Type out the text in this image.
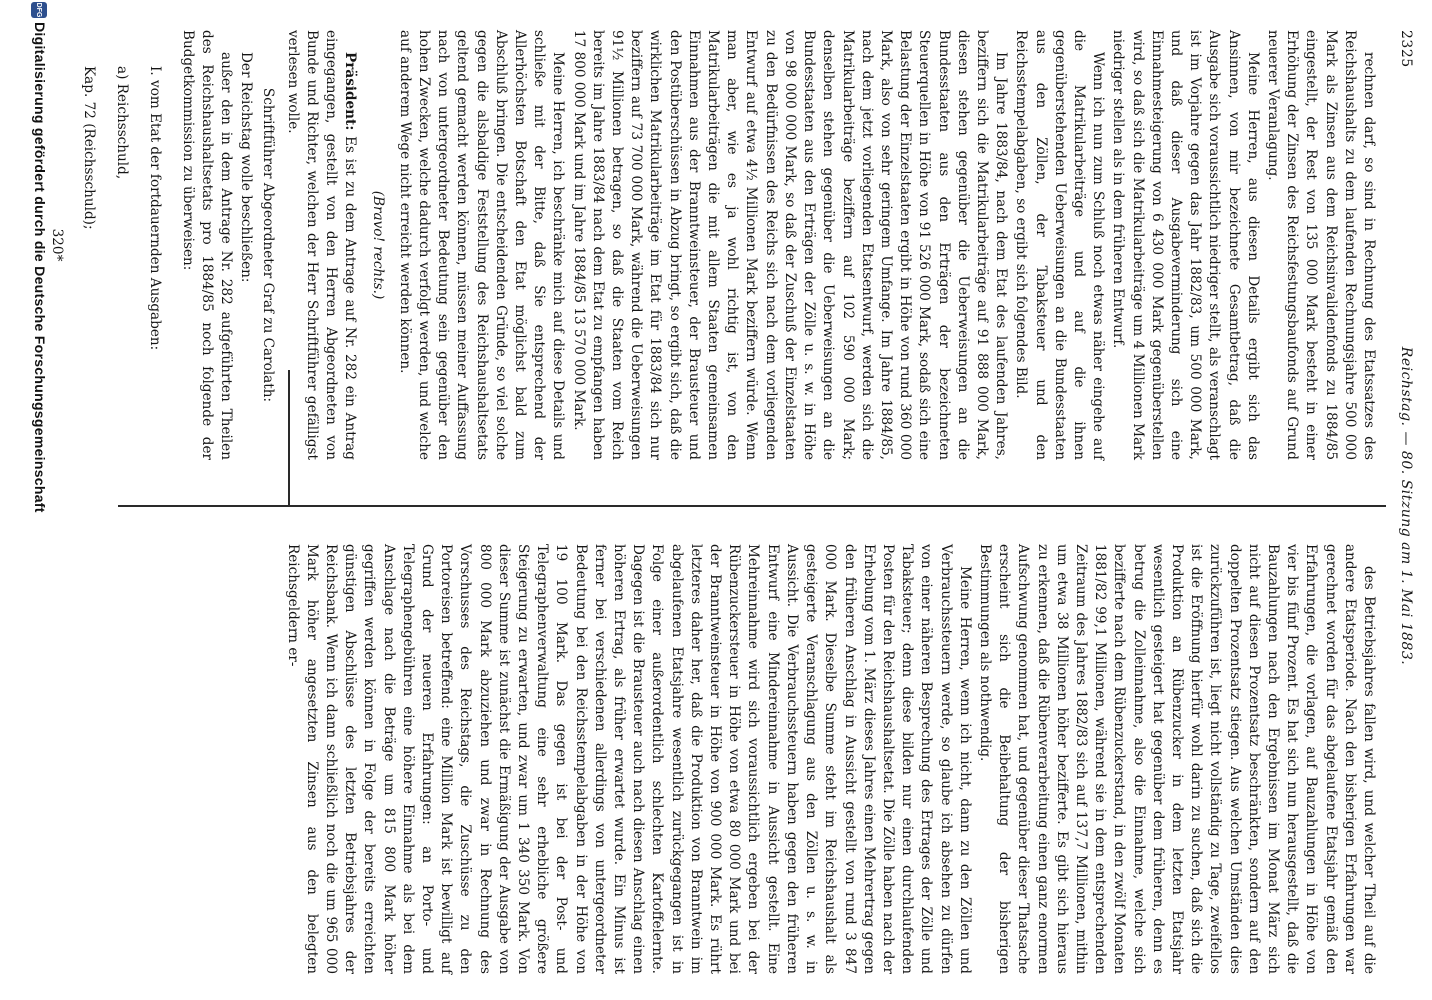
2325
Reichstag. — 80. Sitzung am 1. Mai 1883.

rechnen darf, so sind in Rechnung des Etatssatzes des Reichshaushalts zu dem laufenden Rechnungsjahre 500 000 Mark als Zinsen aus dem Reichsinvalidenfonds zu 1884/85 eingestellt, der Rest von 135 000 Mark besteht in einer Erhöhung der Zinsen des Reichsfestungsbaufonds auf Grund neuerer Veranlagung.

Meine Herren, aus diesen Details ergibt sich das Ansinnen, von mir bezeichnete Gesamtbetrag, daß die Ausgabe sich voraussichtlich niedriger stellt, als veranschlagt ist im Vorjahre gegen das Jahr 1882/83, um 500 000 Mark, und daß dieser Ausgabeverminderung sich eine Einnahmesteigerung von 6 430 000 Mark gegenüberstellen wird, so daß sich die Matrikularbeiträge um 4 Millionen Mark niedriger stellen als in dem früheren Entwurf.

Wenn ich nun zum Schluß noch etwas näher eingehe auf die Matrikularbeiträge und auf die ihnen gegenüberstehenden Ueberweisungen an die Bundesstaaten aus den Zöllen, der Tabaksteuer und den Reichsstempelabgaben, so ergibt sich folgendes Bild.

Im Jahre 1883/84, nach dem Etat des laufenden Jahres, beziffern sich die Matrikularbeiträge auf 91 888 000 Mark, diesen stehen gegenüber die Ueberweisungen an die Bundesstaaten aus den Erträgen der bezeichneten Steuerquellen in Höhe von 91 526 000 Mark, sodaß sich eine Belastung der Einzelstaaten ergibt in Höhe von rund 360 000 Mark, also von sehr geringem Umfange. Im Jahre 1884/85, nach dem jetzt vorliegenden Etatsentwurf, werden sich die Matrikularbeiträge beziffern auf 102 590 000 Mark; denselben stehen gegenüber die Ueberweisungen an die Bundesstaaten aus den Erträgen der Zölle u. s. w. in Höhe von 98 000 000 Mark, so daß der Zuschuß der Einzelstaaten zu den Bedürfnissen des Reichs sich nach dem vorliegenden Entwurf auf etwa 4½ Millionen Mark beziffern würde. Wenn man aber, wie es ja wohl richtig ist, von den Matrikularbeiträgen die mit allem Staaten gemeinsamen Einnahmen aus der Branntweinsteuer, der Brausteuer und den Postüberschüssen in Abzug bringt, so ergibt sich, daß die wirklichen Matrikularbeiträge im Etat für 1883/84 sich nur beziffern auf 73 700 000 Mark, während die Ueberweisungen 91½ Millionen betragen, so daß die Staaten vom Reich bereits im Jahre 1883/84 nach dem Etat zu empfangen haben 17 800 000 Mark und im Jahre 1884/85 13 570 000 Mark.

Meine Herren, ich beschränke mich auf diese Details und schließe mit der Bitte, daß Sie entsprechend der Allerhöchsten Botschaft den Etat möglichst bald zum Abschluß bringen. Die entscheidenden Gründe, so viel solche gegen die alsbaldige Feststellung des Reichshaushaltsetats geltend gemacht werden können, müssen meiner Auffassung nach von untergeordneter Bedeutung sein gegenüber den hohen Zwecken, welche dadurch verfolgt werden, und welche auf anderem Wege nicht erreicht werden können.

(Bravo! rechts.)

Präsident: Es ist zu dem Antrage auf Nr. 282 ein Antrag eingegangen, gestellt von den Herren Abgeordneten von Bunde und Richter, welchen der Herr Schriftführer gefälligst verlesen wolle.

Schriftführer Abgeordneter Graf zu Carolath:

Der Reichstag wolle beschließen:

außer den in dem Antrage Nr. 282 aufgeführten Theilen des Reichshaushaltsetats pro 1884/85 noch folgende der Budgetkommission zu überweisen:

I. vom Etat der fortdauernden Ausgaben:

a) Reichsschuld,

Kap. 72 (Reichsschuld);

320*

des Betriebsjahres fallen wird, und welcher Theil auf die andere Etatsperiode. Nach den bisherigen Erfahrungen war gerechnet worden für das abgelaufene Etatsjahr gemäß den Erfahrungen, die vorlagen, auf Bauzahlungen in Höhe von vier bis fünf Prozent. Es hat sich nun herausgestellt, daß die Bauzahlungen nach den Ergebnissen im Monat März sich nicht auf diesen Prozentsatz beschränkten, sondern auf den doppelten Prozentsatz stiegen. Aus welchen Umständen dies zurückzuführen ist, liegt nicht vollständig zu Tage, zweifellos ist die Eröffnung hierfür wohl darin zu suchen, daß sich die Produktion an Rübenzucker in dem letzten Etatsjahr wesentlich gesteigert hat gegenüber dem früheren, denn es betrug die Zolleinnahme, also die Einnahme, welche sich bezifferte nach dem Rübenzuckerstand, in den zwölf Monaten 1881/82 99,1 Millionen, während sie in dem entsprechenden Zeitraum des Jahres 1882/83 sich auf 137,7 Millionen, mithin um etwa 38 Millionen höher bezifferte. Es gibt sich hieraus zu erkennen, daß die Rübenverarbeitung einen ganz enormen Aufschwung genommen hat, und gegenüber dieser Thatsache erscheint sich die Beibehaltung der bisherigen Bestimmungen als nothwendig.

Meine Herren, wenn ich nicht, dann zu den Zöllen und Verbrauchssteuern werde, so glaube ich absehen zu dürfen von einer näheren Besprechung des Ertrages der Zölle und Tabaksteuer; denn diese bilden nur einen durchlaufenden Posten für den Reichshaushaltsetat. Die Zölle haben nach der Erhebung vom 1. März dieses Jahres einen Mehrertrag gegen den früheren Anschlag in Aussicht gestellt von rund 3 847 000 Mark. Dieselbe Summe steht im Reichshaushalt als gesteigerte Veranschlagung aus den Zöllen u. s. w. in Aussicht. Die Verbrauchssteuern haben gegen den früheren Entwurf eine Mindereinnahme in Aussicht gestellt. Eine Mehreinnahme wird sich voraussichtlich ergeben bei der Rübenzuckersteuer in Höhe von etwa 80 000 Mark und bei der Branntweinsteuer in Höhe von 900 000 Mark. Es rührt letzteres daher her, daß die Produktion von Branntwein im abgelaufenen Etatsjahre wesentlich zurückgegangen ist in Folge einer außerordentlich schlechten Kartoffelernte. Dagegen ist die Brausteuer auch nach diesen Anschlag einen höheren Ertrag, als früher erwartet wurde. Ein Minus ist ferner bei verschiedenen allerdings von untergeordneter Bedeutung bei den Reichsstempelabgaben in der Höhe von 19 100 Mark. Das gegen ist bei der Post- und Telegraphenverwaltung eine sehr erhebliche größere Steigerung zu erwarten, und zwar um 1 340 350 Mark. Von dieser Summe ist zunächst die Ermäßigung der Ausgabe von 800 000 Mark abzuziehen und zwar in Rechnung des Vorschusses des Reichstags, die Zuschüsse zu den Portoreisen betreffend: eine Million Mark ist bewilligt auf Grund der neueren Erfahrungen: an Porto- und Telegraphengebühren eine höhere Einnahme als bei dem Anschlage nach die Beträge um 815 800 Mark höher gegriffen werden können in Folge der bereits erreichten günstigen Abschlüsse des letzten Betriebsjahres der Reichsbank. Wenn ich dann schließlich noch die um 965 000 Mark höher angesetzten Zinsen aus den belegten Reichsgeldern er-

DFG
Digitalisierung gefördert durch die Deutsche Forschungsgemeinschaft
